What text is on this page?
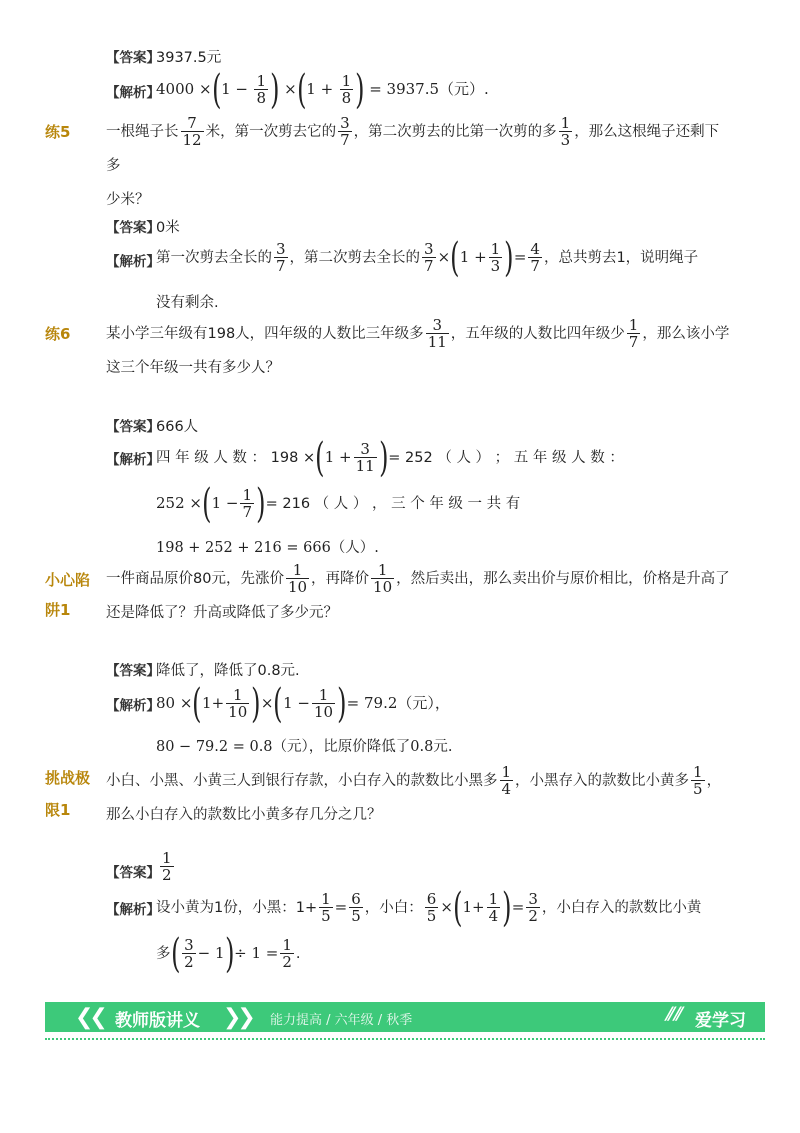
【答案】
3937.5元
【解析】
$4000 \times(1 - \frac{1}{8}$ ) $\times(1 + \frac{1}{8}$ ) = 3937.5（元）.
练5 一根绳子长 $\frac{7}{12}$ 米，第一次剪去它的 $\frac{3}{7}$ ，第二次剪去的比第一次剪的多 $\frac{1}{3}$ ，那么这根绳子还剩下多
少米？
【答案】
0米
【解析】
第一次剪去全长的 $\frac{3}{7}$ ，第二次剪去全长的 $\frac{3}{7} \times(1 + \frac{1}{3}$ )= $\frac{4}{7}$ ，总共剪去1，说明绳子
没有剩余.
练6 某小学三年级有198人，四年级的人数比三年级多 $\frac{3}{11}$ ，五年级的人数比四年级少 $\frac{1}{7}$ ，那么该小学
这三个年级一共有多少人？
【答案】
666人
【解析】
四 年 级 人 数 ： $198 \times(1 + \frac{3}{11}$ )= 252 （ 人 ） ； 五 年 级 人 数 ：
$252 \times(1 - \frac{1}{7}$ )= 216 （ 人 ） ， 三 个 年 级 一 共 有
198 + 252 + 216 = 666（人）.
小心陷
阱1
一件商品原价80元，先涨价 $\frac{1}{10}$ ，再降价 $\frac{1}{10}$ ，然后卖出，那么卖出价与原价相比，价格是升高了
还是降低了？升高或降低了多少元？
【答案】
降低了，降低了0.8元.
【解析】
$80 \times(1+ \frac{1}{10} )\times(1 - \frac{1}{10}$ )= 79.2（元），
80 − 79.2 = 0.8（元），比原价降低了0.8元.
挑战极
限1
小白、小黑、小黄三人到银行存款，小白存入的款数比小黑多 $\frac{1}{4}$ ，小黑存入的款数比小黄多 $\frac{1}{5}$ ，
那么小白存入的款数比小黄多存几分之几？
【答案】 $\frac{1}{2}$
【解析】
设小黄为1份，小黑：$1+ \frac{1}{5} = \frac{6}{5}$ ，小白： $\frac{6}{5} \times(1+ \frac{1}{4}$ )= $\frac{3}{2}$ ，小白存入的款数比小黄
多( $\frac{3}{2} - 1)\div 1 = \frac{1}{2}$ .
❮❮ 教师版讲义 ❯❯ 能力提高 / 六年级 / 秋季	⫽⫽ 爱学习
